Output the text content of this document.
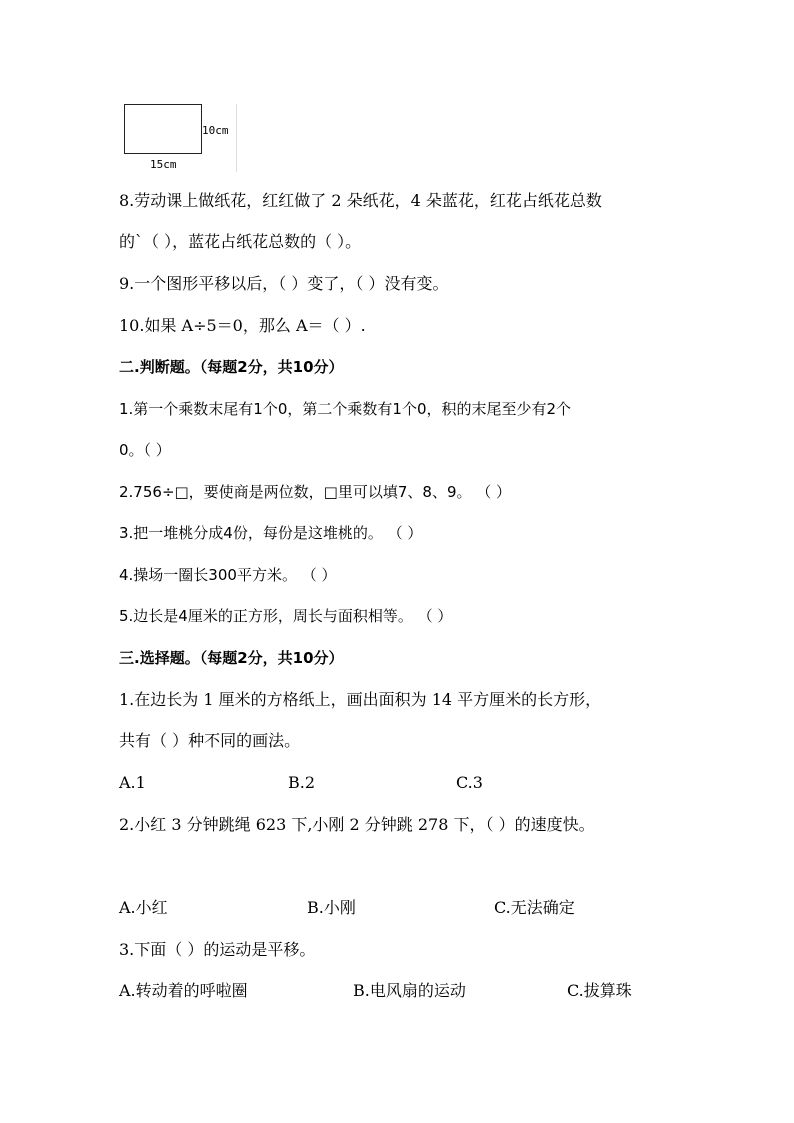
10cm
15cm
8.劳动课上做纸花，红红做了 2 朵纸花，4 朵蓝花，红花占纸花总数
的`（ ），蓝花占纸花总数的（ ）。
9.一个图形平移以后，（ ）变了，（ ）没有变。
10.如果 A÷5＝0，那么 A＝（ ）.
二.判断题。（每题2分，共10分）
1.第一个乘数末尾有1个0，第二个乘数有1个0，积的末尾至少有2个
0。（ ）
2.756÷□，要使商是两位数，□里可以填7、8、9。 （ ）
3.把一堆桃分成4份，每份是这堆桃的。 （ ）
4.操场一圈长300平方米。 （ ）
5.边长是4厘米的正方形，周长与面积相等。 （ ）
三.选择题。（每题2分，共10分）
1.在边长为 1 厘米的方格纸上，画出面积为 14 平方厘米的长方形，
共有（ ）种不同的画法。
A.1	B.2	C.3
2.小红 3 分钟跳绳 623 下,小刚 2 分钟跳 278 下，（ ）的速度快。
A.小红	B.小刚	C.无法确定
3.下面（ ）的运动是平移。
A.转动着的呼啦圈	B.电风扇的运动	C.拔算珠
